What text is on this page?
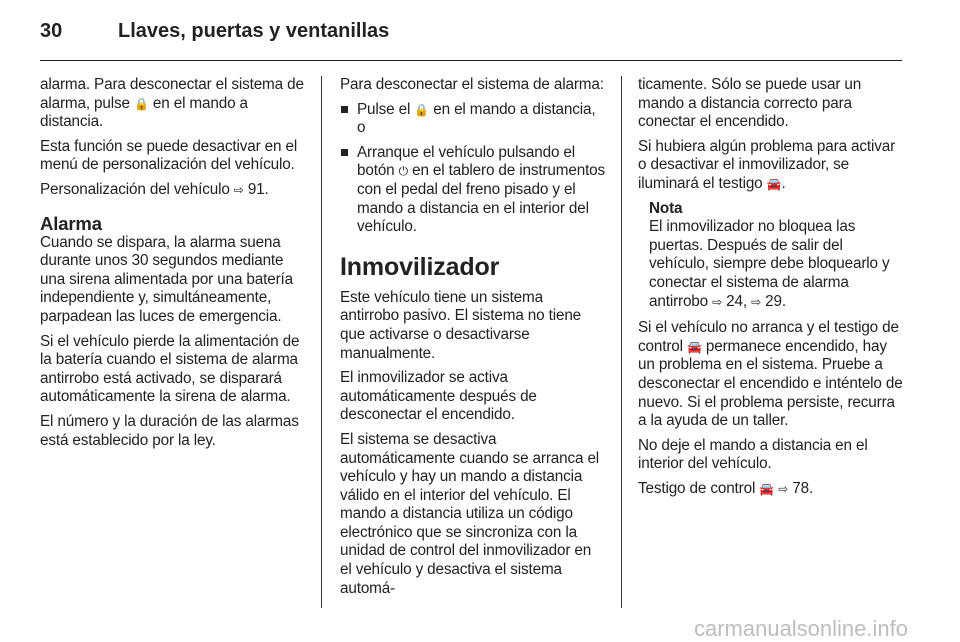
30	Llaves, puertas y ventanillas

alarma. Para desconectar el sistema de alarma, pulse 🔒 en el mando a distancia.

Esta función se puede desactivar en el menú de personalización del vehículo.

Personalización del vehículo ⇨ 91.

Alarma

Cuando se dispara, la alarma suena durante unos 30 segundos mediante una sirena alimentada por una batería independiente y, simultáneamente, parpadean las luces de emergencia.

Si el vehículo pierde la alimentación de la batería cuando el sistema de alarma antirrobo está activado, se disparará automáticamente la sirena de alarma.

El número y la duración de las alarmas está establecido por la ley.

Para desconectar el sistema de alarma:

Pulse el 🔒 en el mando a distancia, o
Arranque el vehículo pulsando el botón ⏻ en el tablero de instrumentos con el pedal del freno pisado y el mando a distancia en el interior del vehículo.
Inmovilizador

Este vehículo tiene un sistema antirrobo pasivo. El sistema no tiene que activarse o desactivarse manualmente.

El inmovilizador se activa automáticamente después de desconectar el encendido.

El sistema se desactiva automáticamente cuando se arranca el vehículo y hay un mando a distancia válido en el interior del vehículo. El mando a distancia utiliza un código electrónico que se sincroniza con la unidad de control del inmovilizador en el vehículo y desactiva el sistema automá-

ticamente. Sólo se puede usar un mando a distancia correcto para conectar el encendido.

Si hubiera algún problema para activar o desactivar el inmovilizador, se iluminará el testigo 🚘.

Nota
El inmovilizador no bloquea las puertas. Después de salir del vehículo, siempre debe bloquearlo y conectar el sistema de alarma antirrobo ⇨ 24, ⇨ 29.

Si el vehículo no arranca y el testigo de control 🚘 permanece encendido, hay un problema en el sistema. Pruebe a desconectar el encendido e inténtelo de nuevo. Si el problema persiste, recurra a la ayuda de un taller.

No deje el mando a distancia en el interior del vehículo.

Testigo de control 🚘 ⇨ 78.

carmanualsonline.info
